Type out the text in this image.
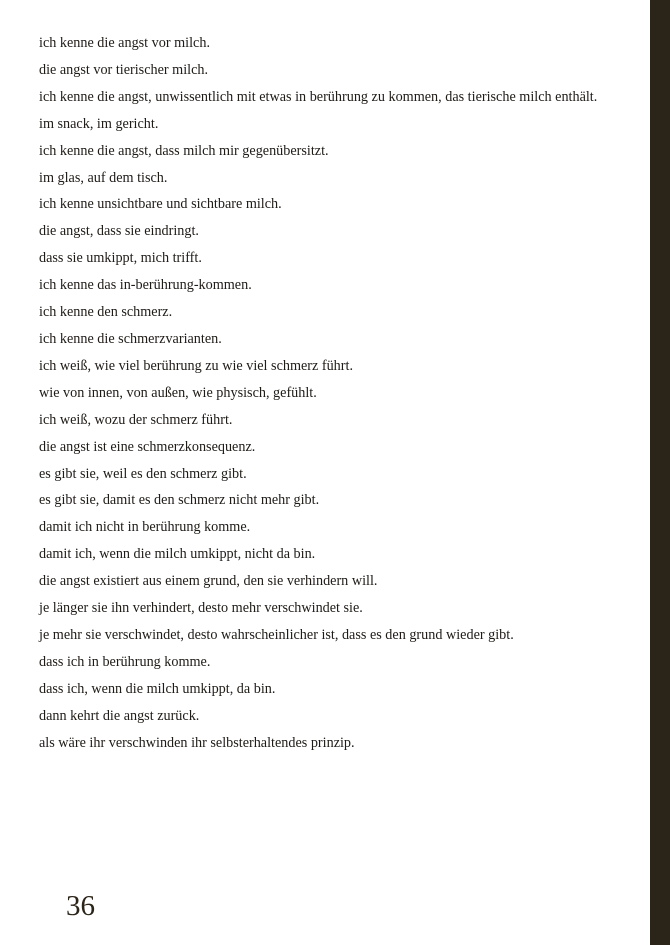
ich kenne die angst vor milch.
die angst vor tierischer milch.
ich kenne die angst, unwissentlich mit etwas in berührung zu kommen, das tierische milch enthält.
im snack, im gericht.
ich kenne die angst, dass milch mir gegenübersitzt.
im glas, auf dem tisch.
ich kenne unsichtbare und sichtbare milch.
die angst, dass sie eindringt.
dass sie umkippt, mich trifft.
ich kenne das in-berührung-kommen.
ich kenne den schmerz.
ich kenne die schmerzvarianten.
ich weiß, wie viel berührung zu wie viel schmerz führt.
wie von innen, von außen, wie physisch, gefühlt.
ich weiß, wozu der schmerz führt.
die angst ist eine schmerzkonsequenz.
es gibt sie, weil es den schmerz gibt.
es gibt sie, damit es den schmerz nicht mehr gibt.
damit ich nicht in berührung komme.
damit ich, wenn die milch umkippt, nicht da bin.
die angst existiert aus einem grund, den sie verhindern will.
je länger sie ihn verhindert, desto mehr verschwindet sie.
je mehr sie verschwindet, desto wahrscheinlicher ist, dass es den grund wieder gibt.
dass ich in berührung komme.
dass ich, wenn die milch umkippt, da bin.
dann kehrt die angst zurück.
als wäre ihr verschwinden ihr selbsterhaltendes prinzip.
36
